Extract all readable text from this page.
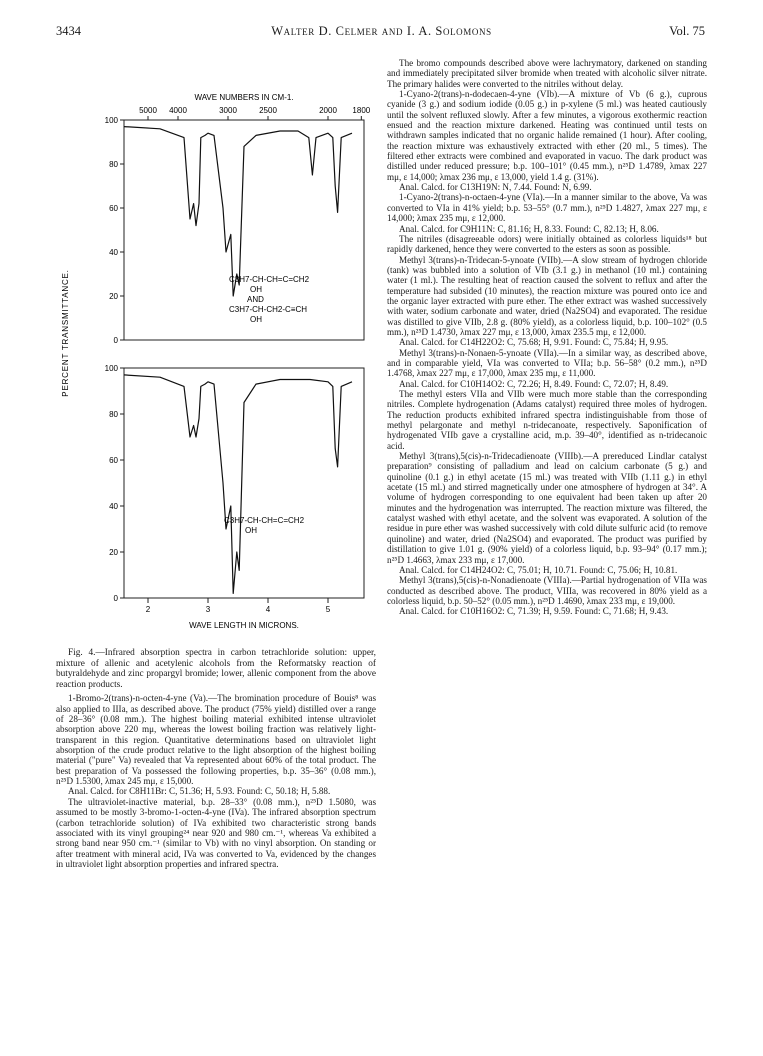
3434	Walter D. Celmer and I. A. Solomons	Vol. 75
WAVE NUMBERS IN CM-1.
5000 4000	3000	2500	2000 1800
100
80
60
40
20
0
100
80
60
40
20
0
2	3	4	5
PERCENT TRANSMITTANCE.
WAVE LENGTH IN MICRONS.
C3H7-CH-CH=C=CH2
OH
AND
C3H7-CH-CH2-C≡CH
OH
C3H7-CH-CH=C=CH2
OH

Fig. 4.—Infrared absorption spectra in carbon tetrachloride solution: upper, mixture of allenic and acetylenic alcohols from the Reformatsky reaction of butyraldehyde and zinc propargyl bromide; lower, allenic component from the above reaction products.

1-Bromo-2(trans)-n-octen-4-yne (Va).—The bromination procedure of Bouis⁸ was also applied to IIIa, as described above. The product (75% yield) distilled over a range of 28–36° (0.08 mm.). The highest boiling material exhibited intense ultraviolet absorption above 220 mμ, whereas the lowest boiling fraction was relatively light-transparent in this region. Quantitative determinations based on ultraviolet light absorption of the crude product relative to the light absorption of the highest boiling material ("pure" Va) revealed that Va represented about 60% of the total product. The best preparation of Va possessed the following properties, b.p. 35–36° (0.08 mm.), n²⁵D 1.5300, λmax 245 mμ, ε 15,000.

Anal. Calcd. for C8H11Br: C, 51.36; H, 5.93. Found: C, 50.18; H, 5.88.

The ultraviolet-inactive material, b.p. 28–33° (0.08 mm.), n²⁵D 1.5080, was assumed to be mostly 3-bromo-1-octen-4-yne (IVa). The infrared absorption spectrum (carbon tetrachloride solution) of IVa exhibited two characteristic strong bands associated with its vinyl grouping²⁴ near 920 and 980 cm.⁻¹, whereas Va exhibited a strong band near 950 cm.⁻¹ (similar to Vb) with no vinyl absorption. On standing or after treatment with mineral acid, IVa was converted to Va, evidenced by the changes in ultraviolet light absorption properties and infrared spectra.

The bromo compounds described above were lachrymatory, darkened on standing and immediately precipitated silver bromide when treated with alcoholic silver nitrate. The primary halides were converted to the nitriles without delay.

1-Cyano-2(trans)-n-dodecaen-4-yne (VIb).—A mixture of Vb (6 g.), cuprous cyanide (3 g.) and sodium iodide (0.05 g.) in p-xylene (5 ml.) was heated cautiously until the solvent refluxed slowly. After a few minutes, a vigorous exothermic reaction ensued and the reaction mixture darkened. Heating was continued until tests on withdrawn samples indicated that no organic halide remained (1 hour). After cooling, the reaction mixture was exhaustively extracted with ether (20 ml., 5 times). The filtered ether extracts were combined and evaporated in vacuo. The dark product was distilled under reduced pressure; b.p. 100–101° (0.45 mm.), n²⁵D 1.4789, λmax 227 mμ, ε 14,000; λmax 236 mμ, ε 13,000, yield 1.4 g. (31%).

Anal. Calcd. for C13H19N: N, 7.44. Found: N, 6.99.

1-Cyano-2(trans)-n-octaen-4-yne (VIa).—In a manner similar to the above, Va was converted to VIa in 41% yield; b.p. 53–55° (0.7 mm.), n²⁵D 1.4827, λmax 227 mμ, ε 14,000; λmax 235 mμ, ε 12,000.

Anal. Calcd. for C9H11N: C, 81.16; H, 8.33. Found: C, 82.13; H, 8.06.

The nitriles (disagreeable odors) were initially obtained as colorless liquids¹⁸ but rapidly darkened, hence they were converted to the esters as soon as possible.

Methyl 3(trans)-n-Tridecan-5-ynoate (VIIb).—A slow stream of hydrogen chloride (tank) was bubbled into a solution of VIb (3.1 g.) in methanol (10 ml.) containing water (1 ml.). The resulting heat of reaction caused the solvent to reflux and after the temperature had subsided (10 minutes), the reaction mixture was poured onto ice and the organic layer extracted with pure ether. The ether extract was washed successively with water, sodium carbonate and water, dried (Na2SO4) and evaporated. The residue was distilled to give VIIb, 2.8 g. (80% yield), as a colorless liquid, b.p. 100–102° (0.5 mm.), n²⁵D 1.4730, λmax 227 mμ, ε 13,000, λmax 235.5 mμ, ε 12,000.

Anal. Calcd. for C14H22O2: C, 75.68; H, 9.91. Found: C, 75.84; H, 9.95.

Methyl 3(trans)-n-Nonaen-5-ynoate (VIIa).—In a similar way, as described above, and in comparable yield, VIa was converted to VIIa; b.p. 56–58° (0.2 mm.), n²⁵D 1.4768, λmax 227 mμ, ε 17,000, λmax 235 mμ, ε 11,000.

Anal. Calcd. for C10H14O2: C, 72.26; H, 8.49. Found: C, 72.07; H, 8.49.

The methyl esters VIIa and VIIb were much more stable than the corresponding nitriles. Complete hydrogenation (Adams catalyst) required three moles of hydrogen. The reduction products exhibited infrared spectra indistinguishable from those of methyl pelargonate and methyl n-tridecanoate, respectively. Saponification of hydrogenated VIIb gave a crystalline acid, m.p. 39–40°, identified as n-tridecanoic acid.

Methyl 3(trans),5(cis)-n-Tridecadienoate (VIIIb).—A prereduced Lindlar catalyst preparation⁹ consisting of palladium and lead on calcium carbonate (5 g.) and quinoline (0.1 g.) in ethyl acetate (15 ml.) was treated with VIIb (1.11 g.) in ethyl acetate (15 ml.) and stirred magnetically under one atmosphere of hydrogen at 34°. A volume of hydrogen corresponding to one equivalent had been taken up after 20 minutes and the hydrogenation was interrupted. The reaction mixture was filtered, the catalyst washed with ethyl acetate, and the solvent was evaporated. A solution of the residue in pure ether was washed successively with cold dilute sulfuric acid (to remove quinoline) and water, dried (Na2SO4) and evaporated. The product was purified by distillation to give 1.01 g. (90% yield) of a colorless liquid, b.p. 93–94° (0.17 mm.); n²⁵D 1.4663, λmax 233 mμ, ε 17,000.

Anal. Calcd. for C14H24O2: C, 75.01; H, 10.71. Found: C, 75.06; H, 10.81.

Methyl 3(trans),5(cis)-n-Nonadienoate (VIIIa).—Partial hydrogenation of VIIa was conducted as described above. The product, VIIIa, was recovered in 80% yield as a colorless liquid, b.p. 50–52° (0.05 mm.), n²⁵D 1.4690, λmax 233 mμ, ε 19,000.

Anal. Calcd. for C10H16O2: C, 71.39; H, 9.59. Found: C, 71.68; H, 9.43.
